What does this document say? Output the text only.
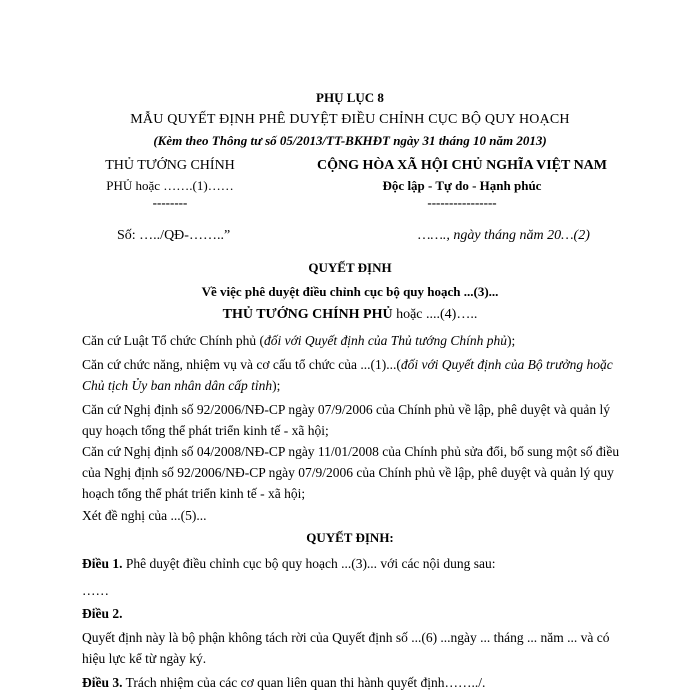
PHỤ LỤC 8
MẪU QUYẾT ĐỊNH PHÊ DUYỆT ĐIỀU CHỈNH CỤC BỘ QUY HOẠCH
(Kèm theo Thông tư số 05/2013/TT-BKHĐT ngày 31 tháng 10 năm 2013)
THỦ TƯỚNG CHÍNH
PHỦ hoặc …….(1)……
--------
Số: …../QĐ-……..”
CỘNG HÒA XÃ HỘI CHỦ NGHĨA VIỆT NAM
Độc lập - Tự do - Hạnh phúc
----------------
……., ngày tháng năm 20…(2)
QUYẾT ĐỊNH
Về việc phê duyệt điều chỉnh cục bộ quy hoạch ...(3)...
THỦ TƯỚNG CHÍNH PHỦ hoặc ....(4)…..
Căn cứ Luật Tổ chức Chính phủ (đối với Quyết định của Thủ tướng Chính phủ);
Căn cứ chức năng, nhiệm vụ và cơ cấu tổ chức của ...(1)...(đối với Quyết định của Bộ trưởng hoặc Chủ tịch Ủy ban nhân dân cấp tỉnh);
Căn cứ Nghị định số 92/2006/NĐ-CP ngày 07/9/2006 của Chính phủ về lập, phê duyệt và quản lý quy hoạch tổng thể phát triển kinh tế - xã hội;
Căn cứ Nghị định số 04/2008/NĐ-CP ngày 11/01/2008 của Chính phủ sửa đổi, bổ sung một số điều của Nghị định số 92/2006/NĐ-CP ngày 07/9/2006 của Chính phủ về lập, phê duyệt và quản lý quy hoạch tổng thể phát triển kinh tế - xã hội;
Xét đề nghị của ...(5)...
QUYẾT ĐỊNH:
Điều 1. Phê duyệt điều chỉnh cục bộ quy hoạch ...(3)... với các nội dung sau:
……
Điều 2.
Quyết định này là bộ phận không tách rời của Quyết định số ...(6) ...ngày ... tháng ... năm ... và có hiệu lực kể từ ngày ký.
Điều 3. Trách nhiệm của các cơ quan liên quan thi hành quyết định……../.
